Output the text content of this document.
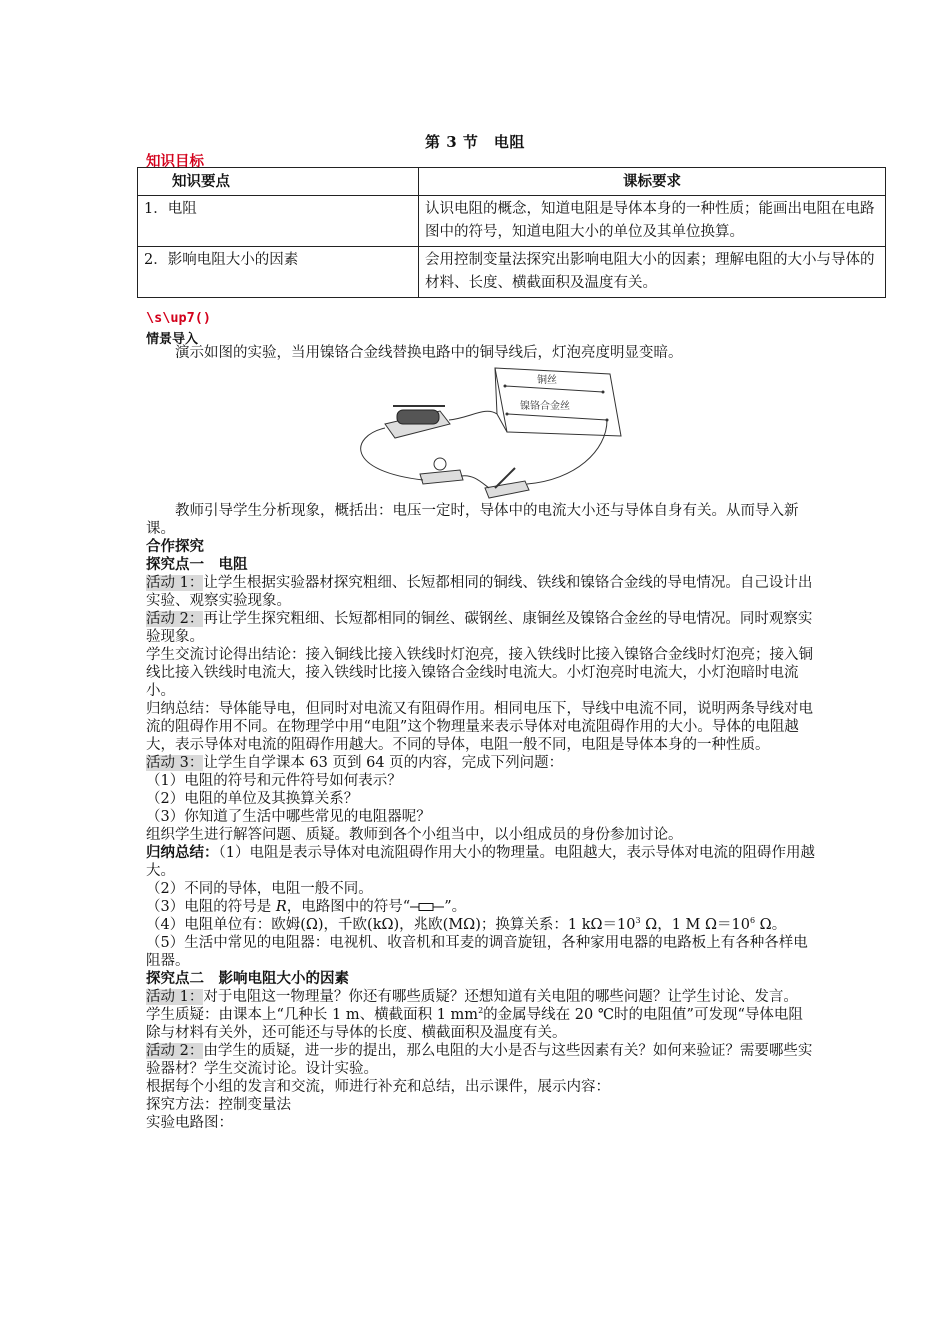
第 3 节　电阻
知识目标
知识要点	课标要求
1．电阻	认识电阻的概念，知道电阻是导体本身的一种性质；能画出电阻在电路图中的符号，知道电阻大小的单位及其单位换算。
2．影响电阻大小的因素	会用控制变量法探究出影响电阻大小的因素；理解电阻的大小与导体的材料、长度、横截面积及温度有关。
\s\up7()
情景导入

演示如图的实验，当用镍铬合金线替换电路中的铜导线后，灯泡亮度明显变暗。

铜丝
镍铬合金丝

教师引导学生分析现象，概括出：电压一定时，导体中的电流大小还与导体自身有关。从而导入新课。

合作探究

探究点一　电阻

活动 1：让学生根据实验器材探究粗细、长短都相同的铜线、铁线和镍铬合金线的导电情况。自己设计出实验、观察实验现象。

活动 2：再让学生探究粗细、长短都相同的铜丝、碳钢丝、康铜丝及镍铬合金丝的导电情况。同时观察实验现象。

学生交流讨论得出结论：接入铜线比接入铁线时灯泡亮，接入铁线时比接入镍铬合金线时灯泡亮；接入铜线比接入铁线时电流大，接入铁线时比接入镍铬合金线时电流大。小灯泡亮时电流大，小灯泡暗时电流小。

归纳总结：导体能导电，但同时对电流又有阻碍作用。相同电压下，导线中电流不同，说明两条导线对电流的阻碍作用不同。在物理学中用“电阻”这个物理量来表示导体对电流阻碍作用的大小。导体的电阻越大，表示导体对电流的阻碍作用越大。不同的导体，电阻一般不同，电阻是导体本身的一种性质。

活动 3：让学生自学课本 63 页到 64 页的内容，完成下列问题：

（1）电阻的符号和元件符号如何表示？

（2）电阻的单位及其换算关系？

（3）你知道了生活中哪些常见的电阻器呢？

组织学生进行解答问题、质疑。教师到各个小组当中，以小组成员的身份参加讨论。

归纳总结：（1）电阻是表示导体对电流阻碍作用大小的物理量。电阻越大，表示导体对电流的阻碍作用越大。

（2）不同的导体，电阻一般不同。

（3）电阻的符号是 R，电路图中的符号“ ”。

（4）电阻单位有：欧姆(Ω)，千欧(kΩ)，兆欧(MΩ)；换算关系：1 $k\Omega=10^3$ Ω，1 M $\Omega=10^6$ Ω。

（5）生活中常见的电阻器：电视机、收音机和耳麦的调音旋钮，各种家用电器的电路板上有各种各样电阻器。

探究点二　影响电阻大小的因素

活动 1：对于电阻这一物理量？你还有哪些质疑？还想知道有关电阻的哪些问题？让学生讨论、发言。

学生质疑：由课本上“几种长 1 m、横截面积 1 $mm^2$的金属导线在 20 ℃时的电阻值”可发现“导体电阻除与材料有关外，还可能还与导体的长度、横截面积及温度有关。

活动 2：由学生的质疑，进一步的提出，那么电阻的大小是否与这些因素有关？如何来验证？需要哪些实验器材？学生交流讨论。设计实验。

根据每个小组的发言和交流，师进行补充和总结，出示课件，展示内容：

探究方法：控制变量法

实验电路图：
